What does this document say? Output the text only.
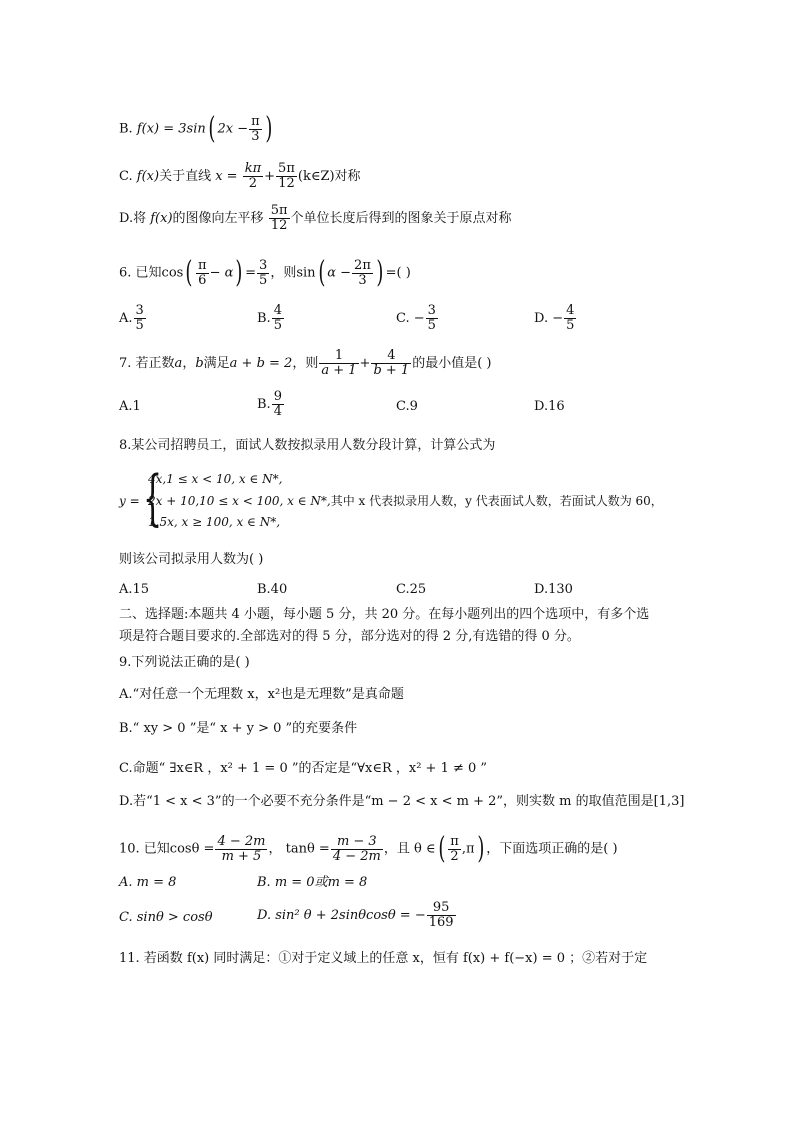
B. f(x) = 3sin( $2x - \frac{\pi}{3}$ )
C. f(x)关于直线 $x = \frac{k\pi}{2} + \frac{5\pi}{12}$ (k∈Z)对称
D.将 f(x)的图像向左平移 $\frac{5\pi}{12}$ 个单位长度后得到的图象关于原点对称
6. 已知$\cos( \frac{\pi}{6} - \alpha) = \frac{3}{5}$ ，则sin( $\alpha - \frac{2\pi}{3}$ ) =( )
A. $\frac{3}{5}$	B. $\frac{4}{5}$	C. − $\frac{3}{5}$	D. − $\frac{4}{5}$
7. 若正数a，b满足a + b = 2，则 $\frac{1}{a + 1} + \frac{4}{b + 1}$ 的最小值是( )
A.1	B. $\frac{9}{4}$	C.9	D.16
8.某公司招聘员工，面试人数按拟录用人数分段计算，计算公式为
y = {
4x,1 ≤ x < 10, x ∈ N*,
2x + 10,10 ≤ x < 100, x ∈ N*,其中 x 代表拟录用人数，y 代表面试人数，若面试人数为 60，
1.5x, x ≥ 100, x ∈ N*,
则该公司拟录用人数为( )
A.15	B.40	C.25	D.130
二、选择题:本题共 4 小题，每小题 5 分，共 20 分。在每小题列出的四个选项中，有多个选
项是符合题目要求的.全部选对的得 5 分，部分选对的得 2 分,有选错的得 0 分。
9.下列说法正确的是( )
A.“对任意一个无理数 x，x²也是无理数”是真命题
B.“ xy > 0 ”是“ x + y > 0 ”的充要条件
C.命题“ ∃x∈R ，x² + 1 = 0 ”的否定是“∀x∈R ，x² + 1 ≠ 0 ”
D.若“1 < x < 3”的一个必要不充分条件是“m − 2 < x < m + 2”，则实数 m 的取值范围是[1,3]
10. 已知$\cos\theta = \frac{4 - 2m}{m + 5}$ ， $\tan\theta = \frac{m - 3}{4 - 2m}$ ，且 θ ∈( $\frac{\pi}{2} ,\pi$) ，下面选项正确的是( )
A. m = 8	B. m = 0或m = 8
C. sinθ > cosθ	D. sin² θ + 2sinθcosθ = − $\frac{95}{169}$
11. 若函数 f(x) 同时满足：①对于定义域上的任意 x，恒有 f(x) + f(−x) = 0 ；②若对于定
